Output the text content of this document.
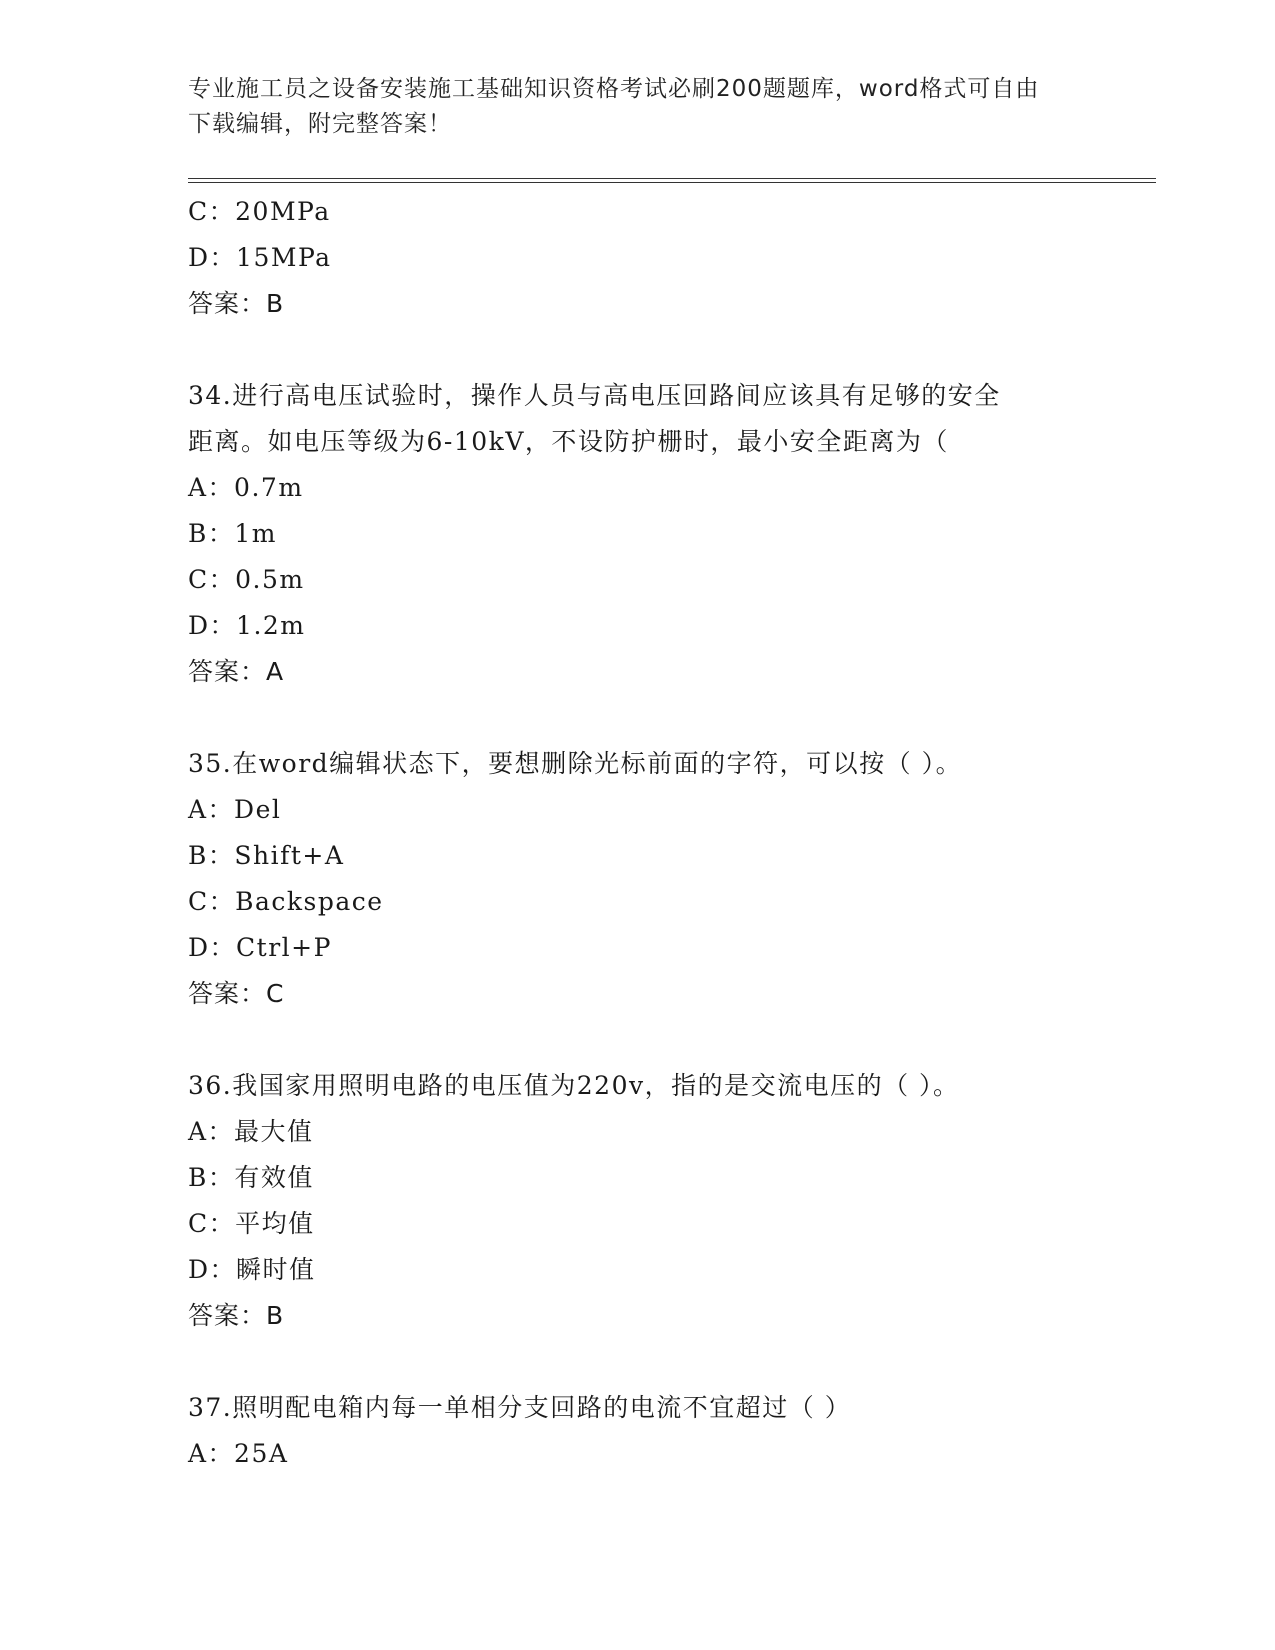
专业施工员之设备安装施工基础知识资格考试必刷200题题库，word格式可自由
下载编辑，附完整答案！
C：20MPa
D：15MPa
答案：B
34.进行高电压试验时，操作人员与高电压回路间应该具有足够的安全
距离。如电压等级为6-10kV，不设防护栅时，最小安全距离为（
A：0.7m
B：1m
C：0.5m
D：1.2m
答案：A
35.在word编辑状态下，要想删除光标前面的字符，可以按（ ）。
A：Del
B：Shift+A
C：Backspace
D：Ctrl+P
答案：C
36.我国家用照明电路的电压值为220v，指的是交流电压的（ ）。
A：最大值
B：有效值
C：平均值
D：瞬时值
答案：B
37.照明配电箱内每一单相分支回路的电流不宜超过（ ）
A：25A
